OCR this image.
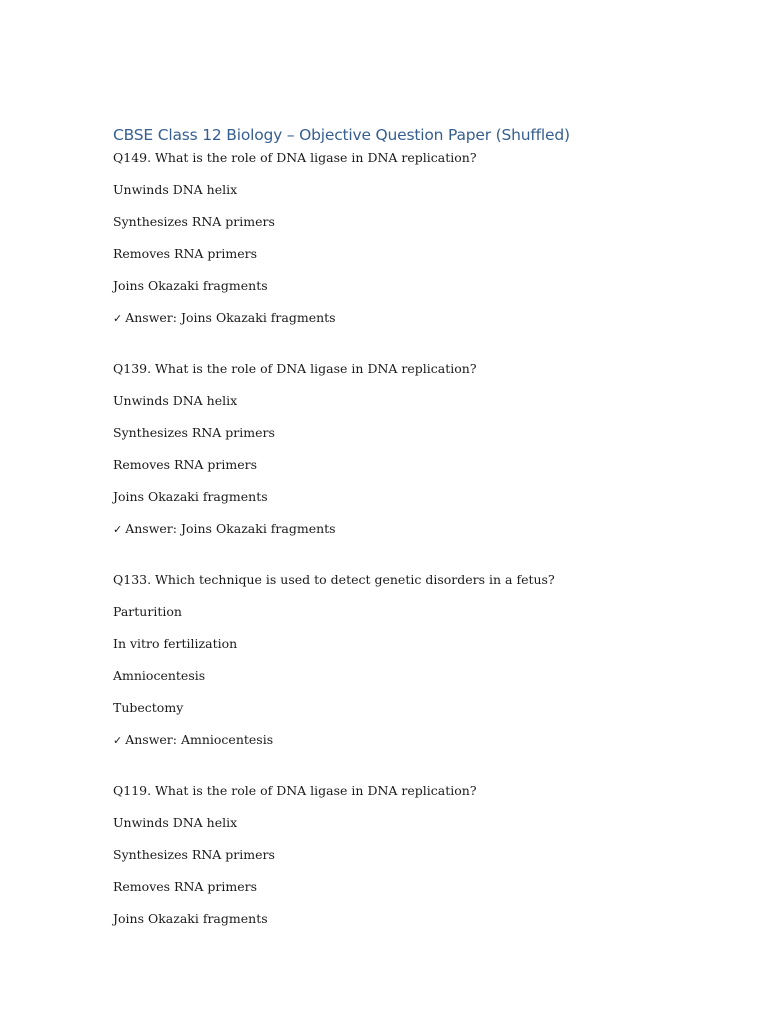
CBSE Class 12 Biology – Objective Question Paper (Shuffled)
Q149. What is the role of DNA ligase in DNA replication?
Unwinds DNA helix
Synthesizes RNA primers
Removes RNA primers
Joins Okazaki fragments
✓ Answer: Joins Okazaki fragments
Q139. What is the role of DNA ligase in DNA replication?
Unwinds DNA helix
Synthesizes RNA primers
Removes RNA primers
Joins Okazaki fragments
✓ Answer: Joins Okazaki fragments
Q133. Which technique is used to detect genetic disorders in a fetus?
Parturition
In vitro fertilization
Amniocentesis
Tubectomy
✓ Answer: Amniocentesis
Q119. What is the role of DNA ligase in DNA replication?
Unwinds DNA helix
Synthesizes RNA primers
Removes RNA primers
Joins Okazaki fragments
